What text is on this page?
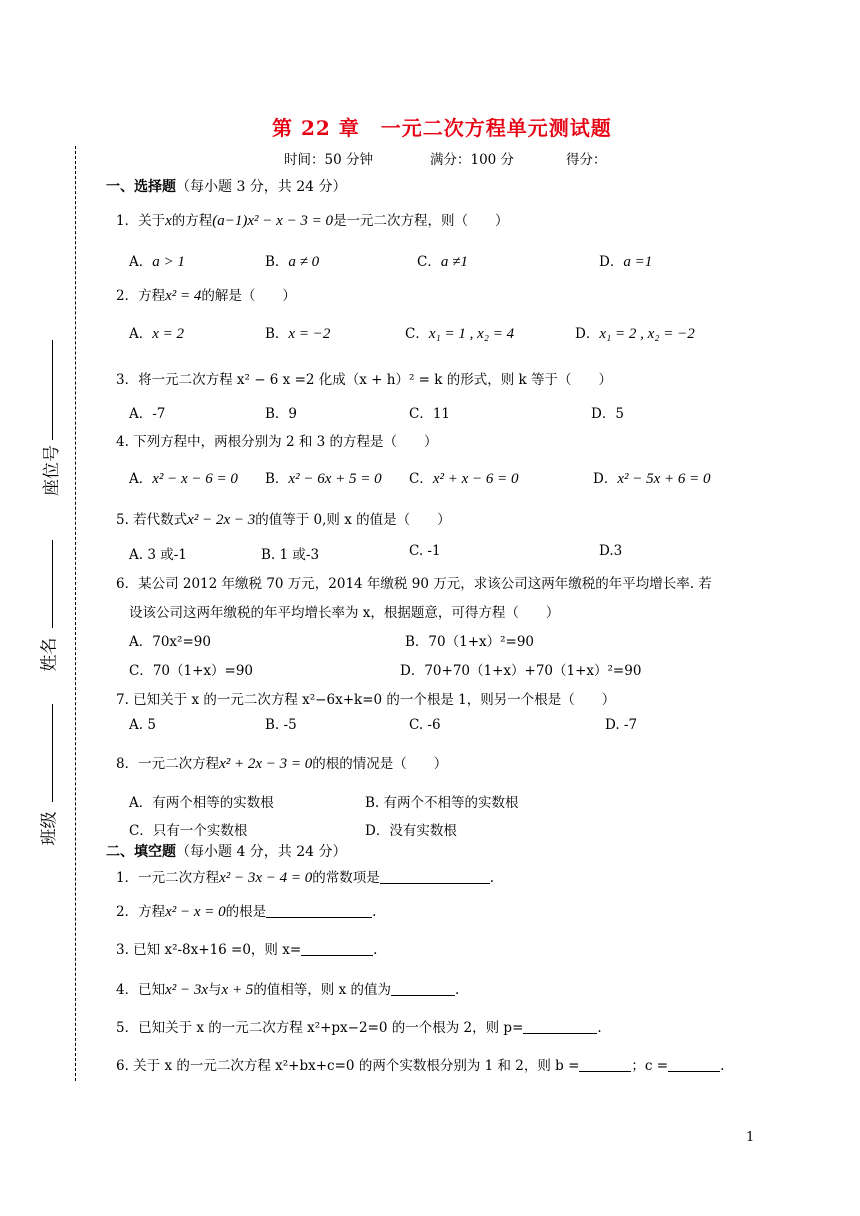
第 22 章　一元二次方程单元测试题
时间：50 分钟	满分：100 分	得分：
座位号
姓名
班级
一、选择题（每小题 3 分，共 24 分）
1．关于x的方程(a−1)x² − x − 3 = 0是一元二次方程，则（　　）
A．a > 1	B．a ≠ 0	C．a ≠1	D．a =1
2．方程x² = 4的解是（　　）
A．x = 2	B．x = −2	C．x₁ = 1 , x₂ = 4	D．x₁ = 2 , x₂ = −2
3．将一元二次方程 x² − 6 x =2 化成（x + h）² = k 的形式，则 k 等于（　　）
A．-7	B．9	C．11	D．5
4. 下列方程中，两根分别为 2 和 3 的方程是（　　）
A．x² − x − 6 = 0 B．x² − 6x + 5 = 0 C．x² + x − 6 = 0	D．x² − 5x + 6 = 0
5. 若代数式x² − 2x − 3的值等于 0,则 x 的值是（　　）
A. 3 或-1	B. 1 或-3	C. -1	D.3
6．某公司 2012 年缴税 70 万元，2014 年缴税 90 万元，求该公司这两年缴税的年平均增长率. 若
设该公司这两年缴税的年平均增长率为 x，根据题意，可得方程（　　）
A．70x²=90	B．70（1+x）²=90
C．70（1+x）=90	D．70+70（1+x）+70（1+x）²=90
7. 已知关于 x 的一元二次方程 x²−6x+k=0 的一个根是 1，则另一个根是（　　）
A. 5	B. -5	C. -6	D. -7
8．一元二次方程x² + 2x − 3 = 0的根的情况是（　　）
A．有两个相等的实数根	B. 有两个不相等的实数根
C．只有一个实数根	D．没有实数根
二、填空题（每小题 4 分，共 24 分）
1．一元二次方程x² − 3x − 4 = 0的常数项是	.
2．方程x² − x = 0的根是	.
3. 已知 x²-8x+16 =0，则 x=	.
4．已知x² − 3x与x + 5的值相等，则 x 的值为	.
5．已知关于 x 的一元二次方程 x²+px−2=0 的一个根为 2，则 p=	.
6. 关于 x 的一元二次方程 x²+bx+c=0 的两个实数根分别为 1 和 2，则 b =	；c =	.
1
